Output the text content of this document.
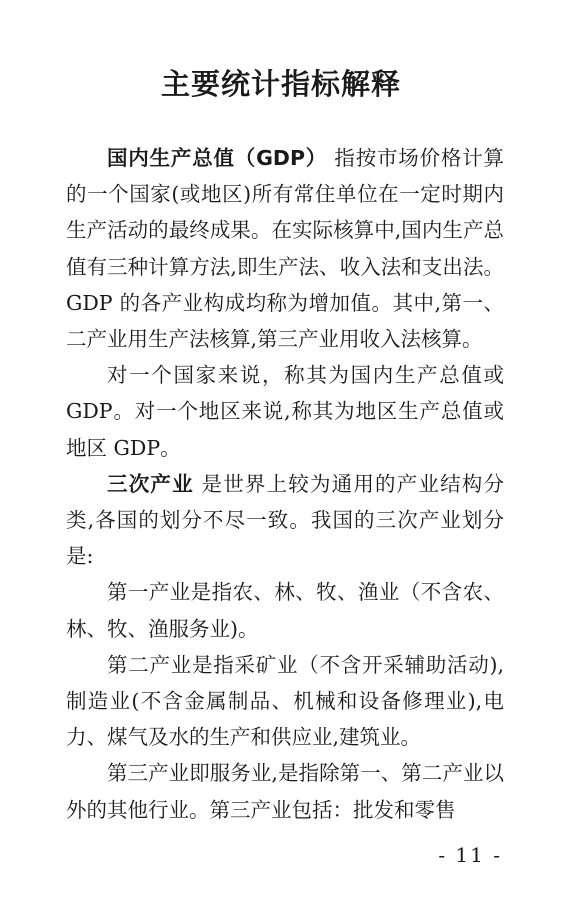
主要统计指标解释

国内生产总值（GDP） 指按市场价格计算的一个国家(或地区)所有常住单位在一定时期内生产活动的最终成果。在实际核算中,国内生产总值有三种计算方法,即生产法、收入法和支出法。GDP 的各产业构成均称为增加值。其中,第一、二产业用生产法核算,第三产业用收入法核算。

对一个国家来说，称其为国内生产总值或 GDP。对一个地区来说,称其为地区生产总值或地区 GDP。

三次产业 是世界上较为通用的产业结构分类,各国的划分不尽一致。我国的三次产业划分是:

第一产业是指农、林、牧、渔业（不含农、林、牧、渔服务业)。

第二产业是指采矿业（不含开采辅助活动),制造业(不含金属制品、机械和设备修理业),电力、煤气及水的生产和供应业,建筑业。

第三产业即服务业,是指除第一、第二产业以外的其他行业。第三产业包括：批发和零售

- 11 -
